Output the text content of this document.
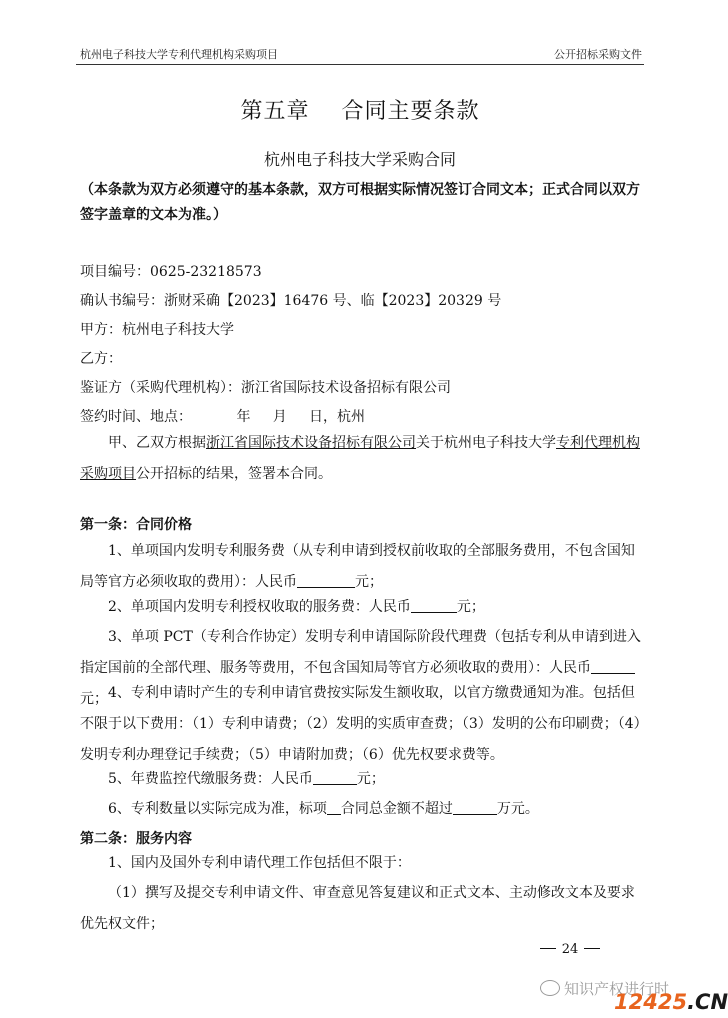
杭州电子科技大学专利代理机构采购项目	公开招标采购文件
第五章    合同主要条款
杭州电子科技大学采购合同
（本条款为双方必须遵守的基本条款，双方可根据实际情况签订合同文本；正式合同以双方签字盖章的文本为准。）
项目编号：0625-23218573
确认书编号：浙财采确【2023】16476 号、临【2023】20329 号
甲方：杭州电子科技大学
乙方：
鉴证方（采购代理机构）：浙江省国际技术设备招标有限公司
签约时间、地点：          年     月     日，杭州
甲、乙双方根据浙江省国际技术设备招标有限公司关于杭州电子科技大学专利代理机构采购项目公开招标的结果，签署本合同。
第一条：合同价格
1、单项国内发明专利服务费（从专利申请到授权前收取的全部服务费用，不包含国知局等官方必须收取的费用）：人民币	元；
2、单项国内发明专利授权收取的服务费：人民币	元；
3、单项 PCT（专利合作协定）发明专利申请国际阶段代理费（包括专利从申请到进入指定国前的全部代理、服务等费用，不包含国知局等官方必须收取的费用）：人民币元； 4、专利申请时产生的专利申请官费按实际发生额收取，以官方缴费通知为准。包括但不限于以下费用：（1）专利申请费；（2）发明的实质审查费；（3）发明的公布印刷费；（4）发明专利办理登记手续费；（5）申请附加费；（6）优先权要求费等。
5、年费监控代缴服务费：人民币	元；
6、专利数量以实际完成为准，标项 合同总金额不超过	万元。
第二条：服务内容
1、国内及国外专利申请代理工作包括但不限于：
（1）撰写及提交专利申请文件、审查意见答复建议和正式文本、主动修改文本及要求优先权文件；
24
知识产权进行时
12425.CN
